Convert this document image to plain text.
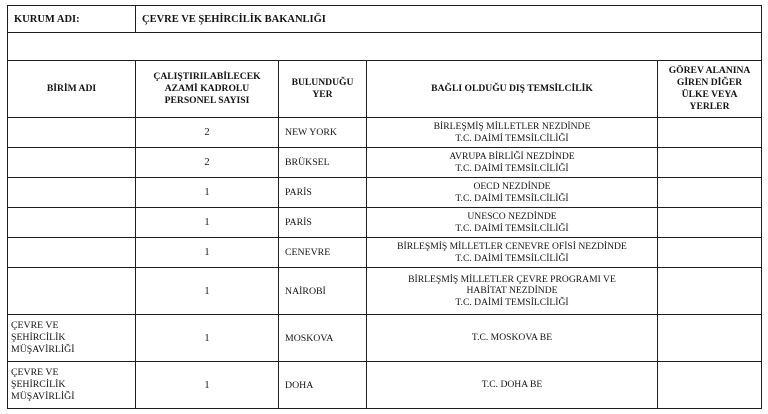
KURUM ADI:	ÇEVRE VE ŞEHİRCİLİK BAKANLIĞI			

BİRİM ADI	ÇALIŞTIRILABİLECEK AZAMİ KADROLU PERSONEL SAYISI	BULUNDUĞU YER	BAĞLI OLDUĞU DIŞ TEMSİLCİLİK	GÖREV ALANINA GİREN DİĞER ÜLKE VEYA YERLER
	2	NEW YORK	BİRLEŞMİŞ MİLLETLER NEZDİNDE
T.C. DAİMİ TEMSİLCİLİĞİ	

	2	BRÜKSEL	AVRUPA BİRLİĞİ NEZDİNDE
T.C. DAİMİ TEMSİLCİLİĞİ	

	1	PARİS	OECD NEZDİNDE
T.C. DAİMİ TEMSİLCİLİĞİ	

	1	PARİS	UNESCO NEZDİNDE
T.C. DAİMİ TEMSİLCİLİĞİ	

	1	CENEVRE	BİRLEŞMİŞ MİLLETLER CENEVRE OFİSİ NEZDİNDE
T.C. DAİMİ TEMSİLCİLİĞİ	

	1	NAİROBİ	BİRLEŞMİŞ MİLLETLER ÇEVRE PROGRAMI VE
HABİTAT NEZDİNDE
T.C. DAİMİ TEMSİLCİLİĞİ	

ÇEVRE VE
ŞEHİRCİLİK
MÜŞAVİRLİĞİ	1	MOSKOVA	T.C. MOSKOVA BE	

ÇEVRE VE
ŞEHİRCİLİK
MÜŞAVİRLİĞİ	1	DOHA	T.C. DOHA BE	
